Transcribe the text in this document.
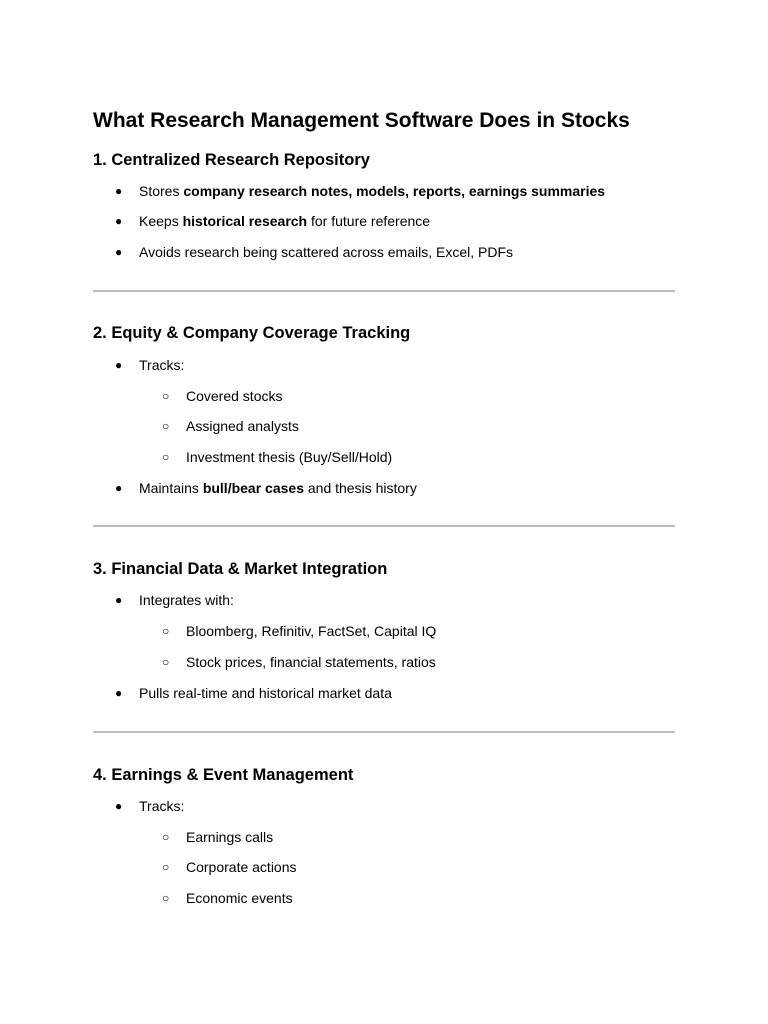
What Research Management Software Does in Stocks
1. Centralized Research Repository
● Stores company research notes, models, reports, earnings summaries
● Keeps historical research for future reference
● Avoids research being scattered across emails, Excel, PDFs
2. Equity & Company Coverage Tracking
● Tracks:
○ Covered stocks
○ Assigned analysts
○ Investment thesis (Buy/Sell/Hold)
● Maintains bull/bear cases and thesis history
3. Financial Data & Market Integration
● Integrates with:
○ Bloomberg, Refinitiv, FactSet, Capital IQ
○ Stock prices, financial statements, ratios
● Pulls real-time and historical market data
4. Earnings & Event Management
● Tracks:
○ Earnings calls
○ Corporate actions
○ Economic events
